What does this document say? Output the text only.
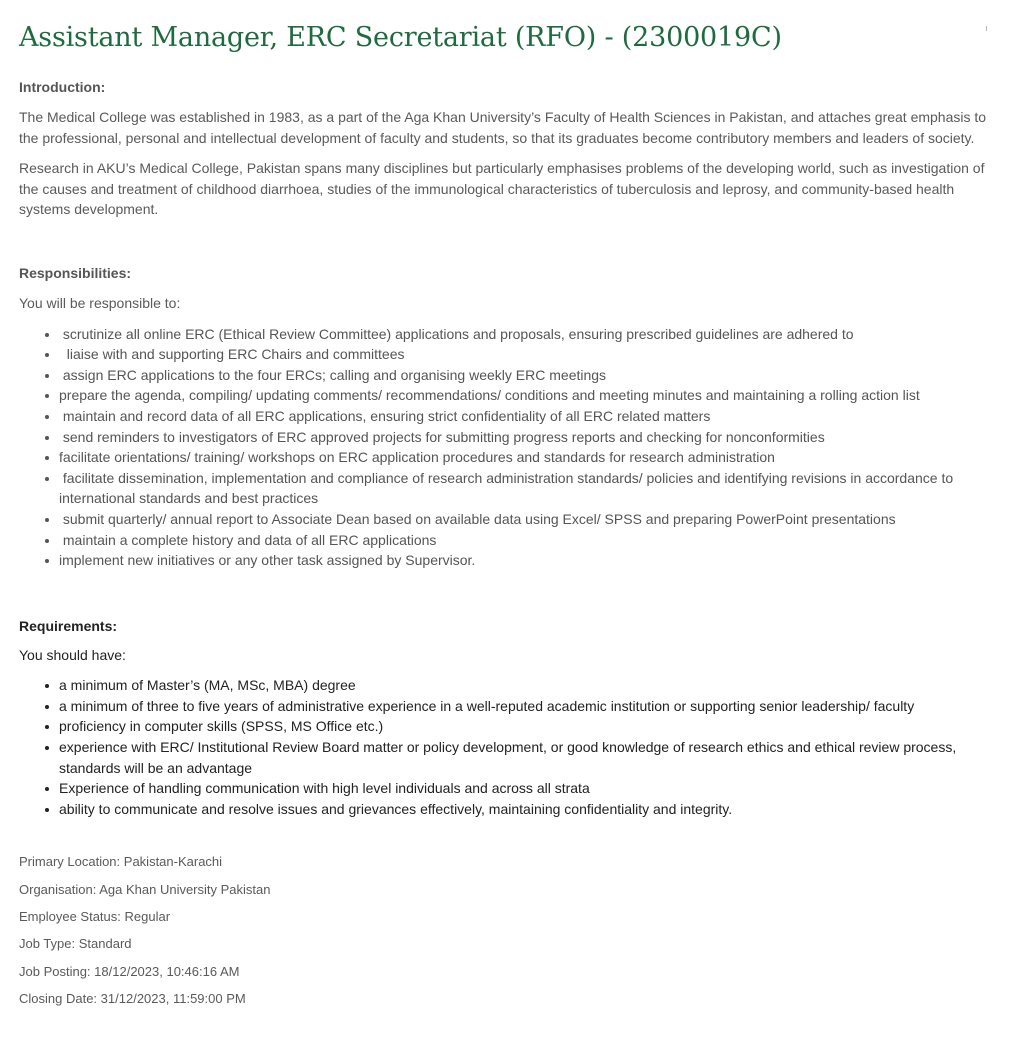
Assistant Manager, ERC Secretariat (RFO) - (2300019C)
Introduction:

The Medical College was established in 1983, as a part of the Aga Khan University’s Faculty of Health Sciences in Pakistan, and attaches great emphasis to the professional, personal and intellectual development of faculty and students, so that its graduates become contributory members and leaders of society.

Research in AKU’s Medical College, Pakistan spans many disciplines but particularly emphasises problems of the developing world, such as investigation of the causes and treatment of childhood diarrhoea, studies of the immunological characteristics of tuberculosis and leprosy, and community-based health systems development.

Responsibilities:

You will be responsible to:

scrutinize all online ERC (Ethical Review Committee) applications and proposals, ensuring prescribed guidelines are adhered to
liaise with and supporting ERC Chairs and committees
assign ERC applications to the four ERCs; calling and organising weekly ERC meetings
prepare the agenda, compiling/ updating comments/ recommendations/ conditions and meeting minutes and maintaining a rolling action list
maintain and record data of all ERC applications, ensuring strict confidentiality of all ERC related matters
send reminders to investigators of ERC approved projects for submitting progress reports and checking for nonconformities
facilitate orientations/ training/ workshops on ERC application procedures and standards for research administration
facilitate dissemination, implementation and compliance of research administration standards/ policies and identifying revisions in accordance to international standards and best practices
submit quarterly/ annual report to Associate Dean based on available data using Excel/ SPSS and preparing PowerPoint presentations
maintain a complete history and data of all ERC applications
implement new initiatives or any other task assigned by Supervisor.
Requirements:

You should have:

a minimum of Master’s (MA, MSc, MBA) degree
a minimum of three to five years of administrative experience in a well-reputed academic institution or supporting senior leadership/ faculty
proficiency in computer skills (SPSS, MS Office etc.)
experience with ERC/ Institutional Review Board matter or policy development, or good knowledge of research ethics and ethical review process, standards will be an advantage
Experience of handling communication with high level individuals and across all strata
ability to communicate and resolve issues and grievances effectively, maintaining confidentiality and integrity.
Primary Location: Pakistan-Karachi
Organisation: Aga Khan University Pakistan
Employee Status: Regular
Job Type: Standard
Job Posting: 18/12/2023, 10:46:16 AM
Closing Date: 31/12/2023, 11:59:00 PM
